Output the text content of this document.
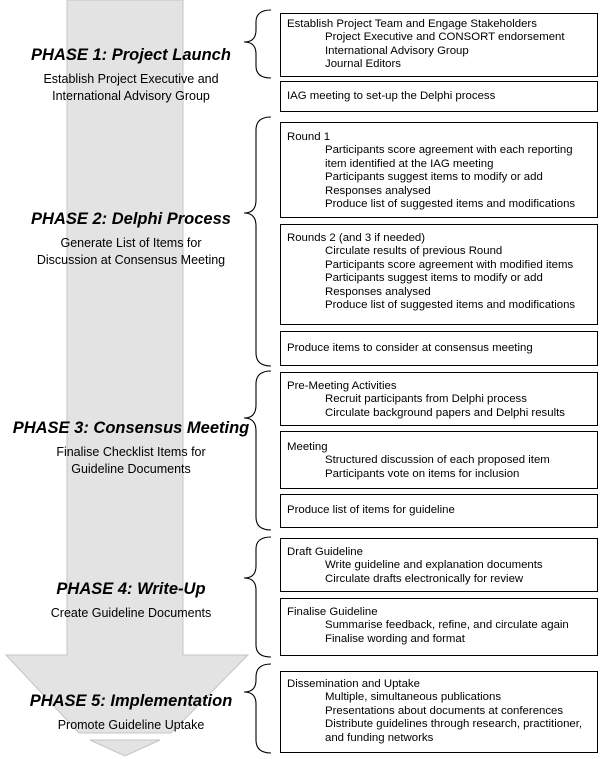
PHASE 1: Project Launch
Establish Project Executive and
International Advisory Group
PHASE 2: Delphi Process
Generate List of Items for
Discussion at Consensus Meeting
PHASE 3: Consensus Meeting
Finalise Checklist Items for
Guideline Documents
PHASE 4: Write-Up
Create Guideline Documents
PHASE 5: Implementation
Promote Guideline Uptake
Establish Project Team and Engage Stakeholders
Project Executive and CONSORT endorsement
International Advisory Group
Journal Editors
IAG meeting to set-up the Delphi process
Round 1
Participants score agreement with each reporting
item identified at the IAG meeting
Participants suggest items to modify or add
Responses analysed
Produce list of suggested items and modifications
Rounds 2 (and 3 if needed)
Circulate results of previous Round
Participants score agreement with modified items
Participants suggest items to modify or add
Responses analysed
Produce list of suggested items and modifications
Produce items to consider at consensus meeting
Pre-Meeting Activities
Recruit participants from Delphi process
Circulate background papers and Delphi results
Meeting
Structured discussion of each proposed item
Participants vote on items for inclusion
Produce list of items for guideline
Draft Guideline
Write guideline and explanation documents
Circulate drafts electronically for review
Finalise Guideline
Summarise feedback, refine, and circulate again
Finalise wording and format
Dissemination and Uptake
Multiple, simultaneous publications
Presentations about documents at conferences
Distribute guidelines through research, practitioner,
and funding networks
